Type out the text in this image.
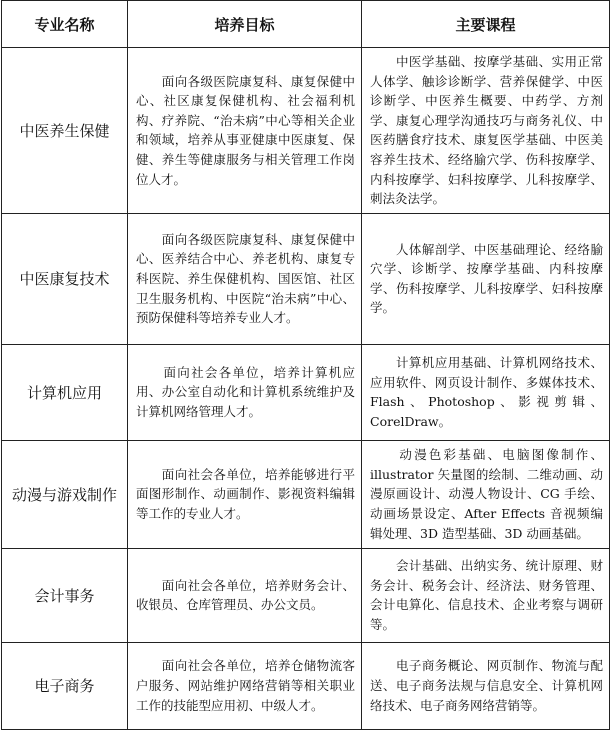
专业名称	培养目标	主要课程
中医养生保健	　　面向各级医院康复科、康复保健中心、社区康复保健机构、社会福利机构、疗养院、“治未病”中心等相关企业和领域，培养从事亚健康中医康复、保健、养生等健康服务与相关管理工作岗位人才。	　　中医学基础、按摩学基础、实用正常人体学、触诊诊断学、营养保健学、中医诊断学、中医养生概要、中药学、方剂学、康复心理学沟通技巧与商务礼仪、中医药膳食疗技术、康复医学基础、中医美容养生技术、经络腧穴学、伤科按摩学、内科按摩学、妇科按摩学、儿科按摩学、刺法灸法学。
中医康复技术	　　面向各级医院康复科、康复保健中心、医养结合中心、养老机构、康复专科医院、养生保健机构、国医馆、社区卫生服务机构、中医院“治未病”中心、预防保健科等培养专业人才。	　　人体解剖学、中医基础理论、经络腧穴学、诊断学、按摩学基础、内科按摩学、伤科按摩学、儿科按摩学、妇科按摩学。
计算机应用	　　面向社会各单位，培养计算机应用、办公室自动化和计算机系统维护及计算机网络管理人才。	　　计算机应用基础、计算机网络技术、应用软件、网页设计制作、多媒体技术、Flash、Photoshop、影视剪辑、CorelDraw。
动漫与游戏制作	　　面向社会各单位，培养能够进行平面图形制作、动画制作、影视资料编辑等工作的专业人才。	　　动漫色彩基础、电脑图像制作、illustrator 矢量图的绘制、二维动画、动漫原画设计、动漫人物设计、CG 手绘、动画场景设定、After Effects 音视频编辑处理、3D 造型基础、3D 动画基础。
会计事务	　　面向社会各单位，培养财务会计、收银员、仓库管理员、办公文员。	　　会计基础、出纳实务、统计原理、财务会计、税务会计、经济法、财务管理、会计电算化、信息技术、企业考察与调研等。
电子商务	　　面向社会各单位，培养仓储物流客户服务、网站维护网络营销等相关职业工作的技能型应用初、中级人才。	　　电子商务概论、网页制作、物流与配送、电子商务法规与信息安全、计算机网络技术、电子商务网络营销等。
